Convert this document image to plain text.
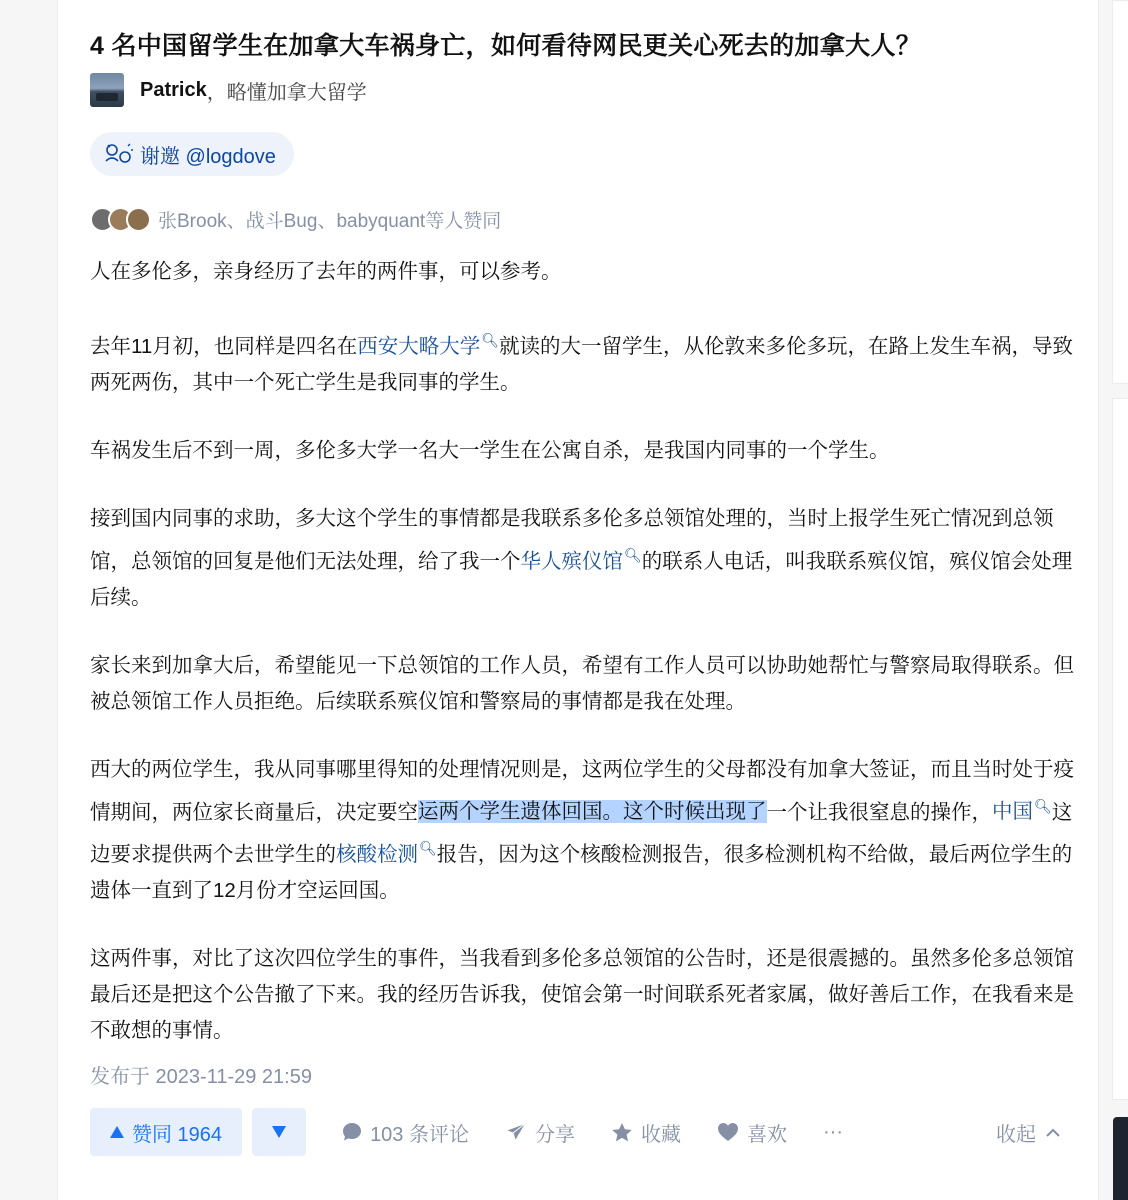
4 名中国留学生在加拿大车祸身亡，如何看待网民更关心死去的加拿大人？
Patrick ，略懂加拿大留学
谢邀 @logdove
张Brook、战斗Bug、babyquant等人赞同

人在多伦多，亲身经历了去年的两件事，可以参考。

去年11月初，也同样是四名在西安大略大学🔍︎就读的大一留学生，从伦敦来多伦多玩，在路上发生车祸，导致两死两伤，其中一个死亡学生是我同事的学生。

车祸发生后不到一周，多伦多大学一名大一学生在公寓自杀，是我国内同事的一个学生。

接到国内同事的求助，多大这个学生的事情都是我联系多伦多总领馆处理的，当时上报学生死亡情况到总领馆，总领馆的回复是他们无法处理，给了我一个华人殡仪馆🔍︎的联系人电话，叫我联系殡仪馆，殡仪馆会处理后续。

家长来到加拿大后，希望能见一下总领馆的工作人员，希望有工作人员可以协助她帮忙与警察局取得联系。但被总领馆工作人员拒绝。后续联系殡仪馆和警察局的事情都是我在处理。

西大的两位学生，我从同事哪里得知的处理情况则是，这两位学生的父母都没有加拿大签证，而且当时处于疫情期间，两位家长商量后，决定要空运两个学生遗体回国。这个时候出现了一个让我很窒息的操作，中国🔍︎这边要求提供两个去世学生的核酸检测🔍︎报告，因为这个核酸检测报告，很多检测机构不给做，最后两位学生的遗体一直到了12月份才空运回国。

这两件事，对比了这次四位学生的事件，当我看到多伦多总领馆的公告时，还是很震撼的。虽然多伦多总领馆最后还是把这个公告撤了下来。我的经历告诉我，使馆会第一时间联系死者家属，做好善后工作，在我看来是不敢想的事情。

发布于 2023-11-29 21:59
赞同 1964	103 条评论	分享	收藏	喜欢 ···	收起
